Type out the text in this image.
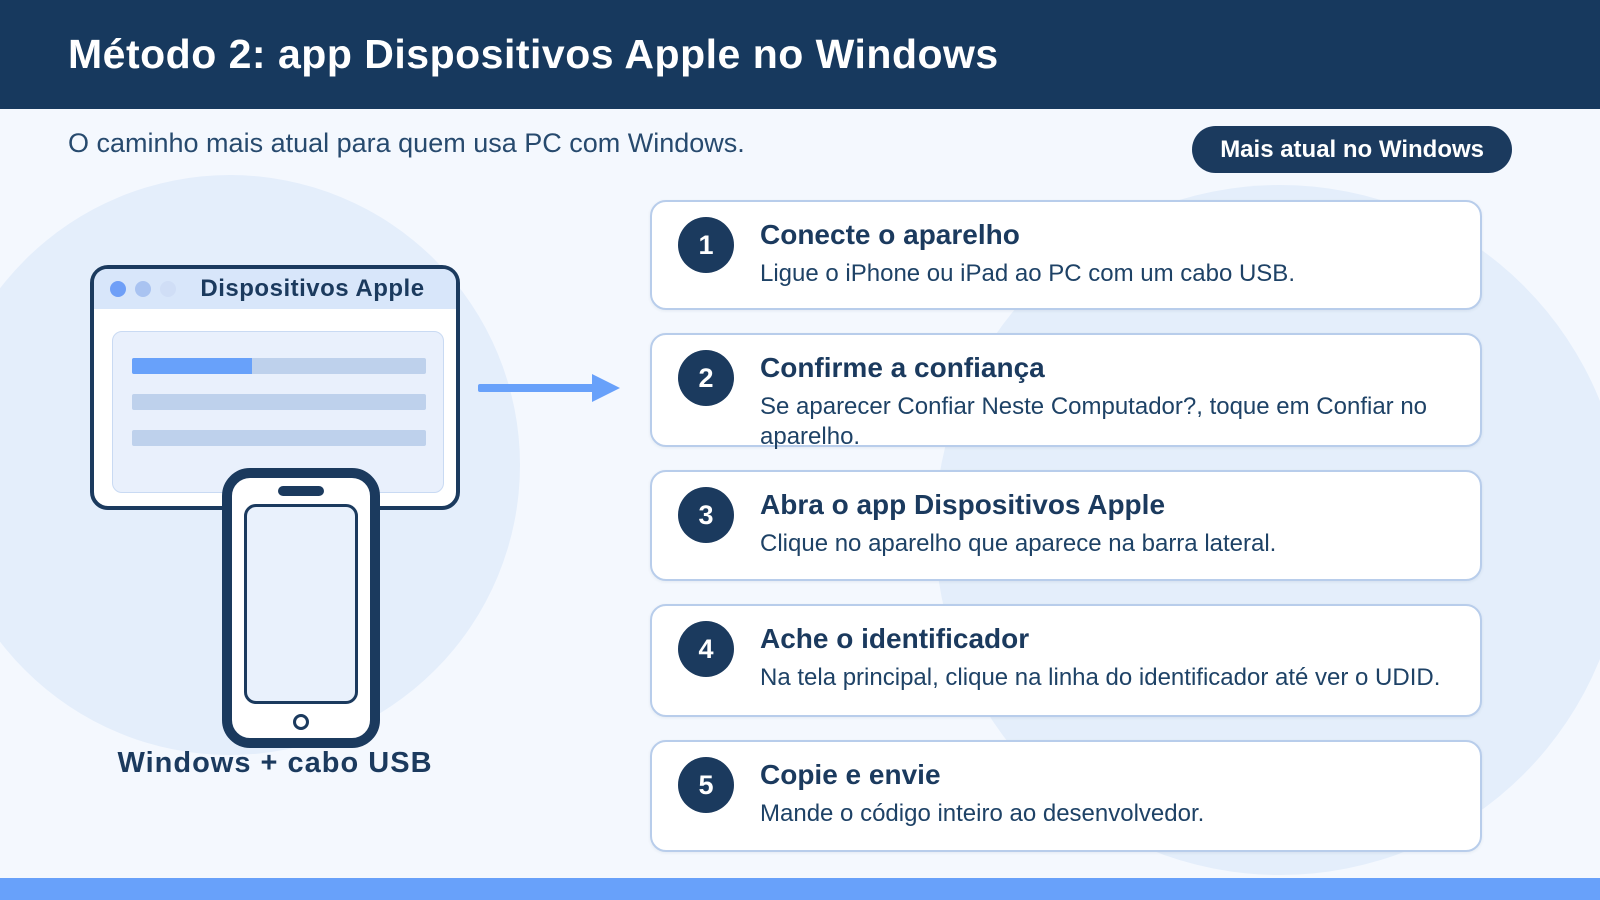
Método 2: app Dispositivos Apple no Windows
O caminho mais atual para quem usa PC com Windows.	Mais atual no Windows
Dispositivos Apple
Windows + cabo USB
1	Conecte o aparelho
Ligue o iPhone ou iPad ao PC com um cabo USB.
2	Confirme a confiança
Se aparecer Confiar Neste Computador?, toque em Confiar no aparelho.
3	Abra o app Dispositivos Apple
Clique no aparelho que aparece na barra lateral.
4	Ache o identificador
Na tela principal, clique na linha do identificador até ver o UDID.
5	Copie e envie
Mande o código inteiro ao desenvolvedor.
